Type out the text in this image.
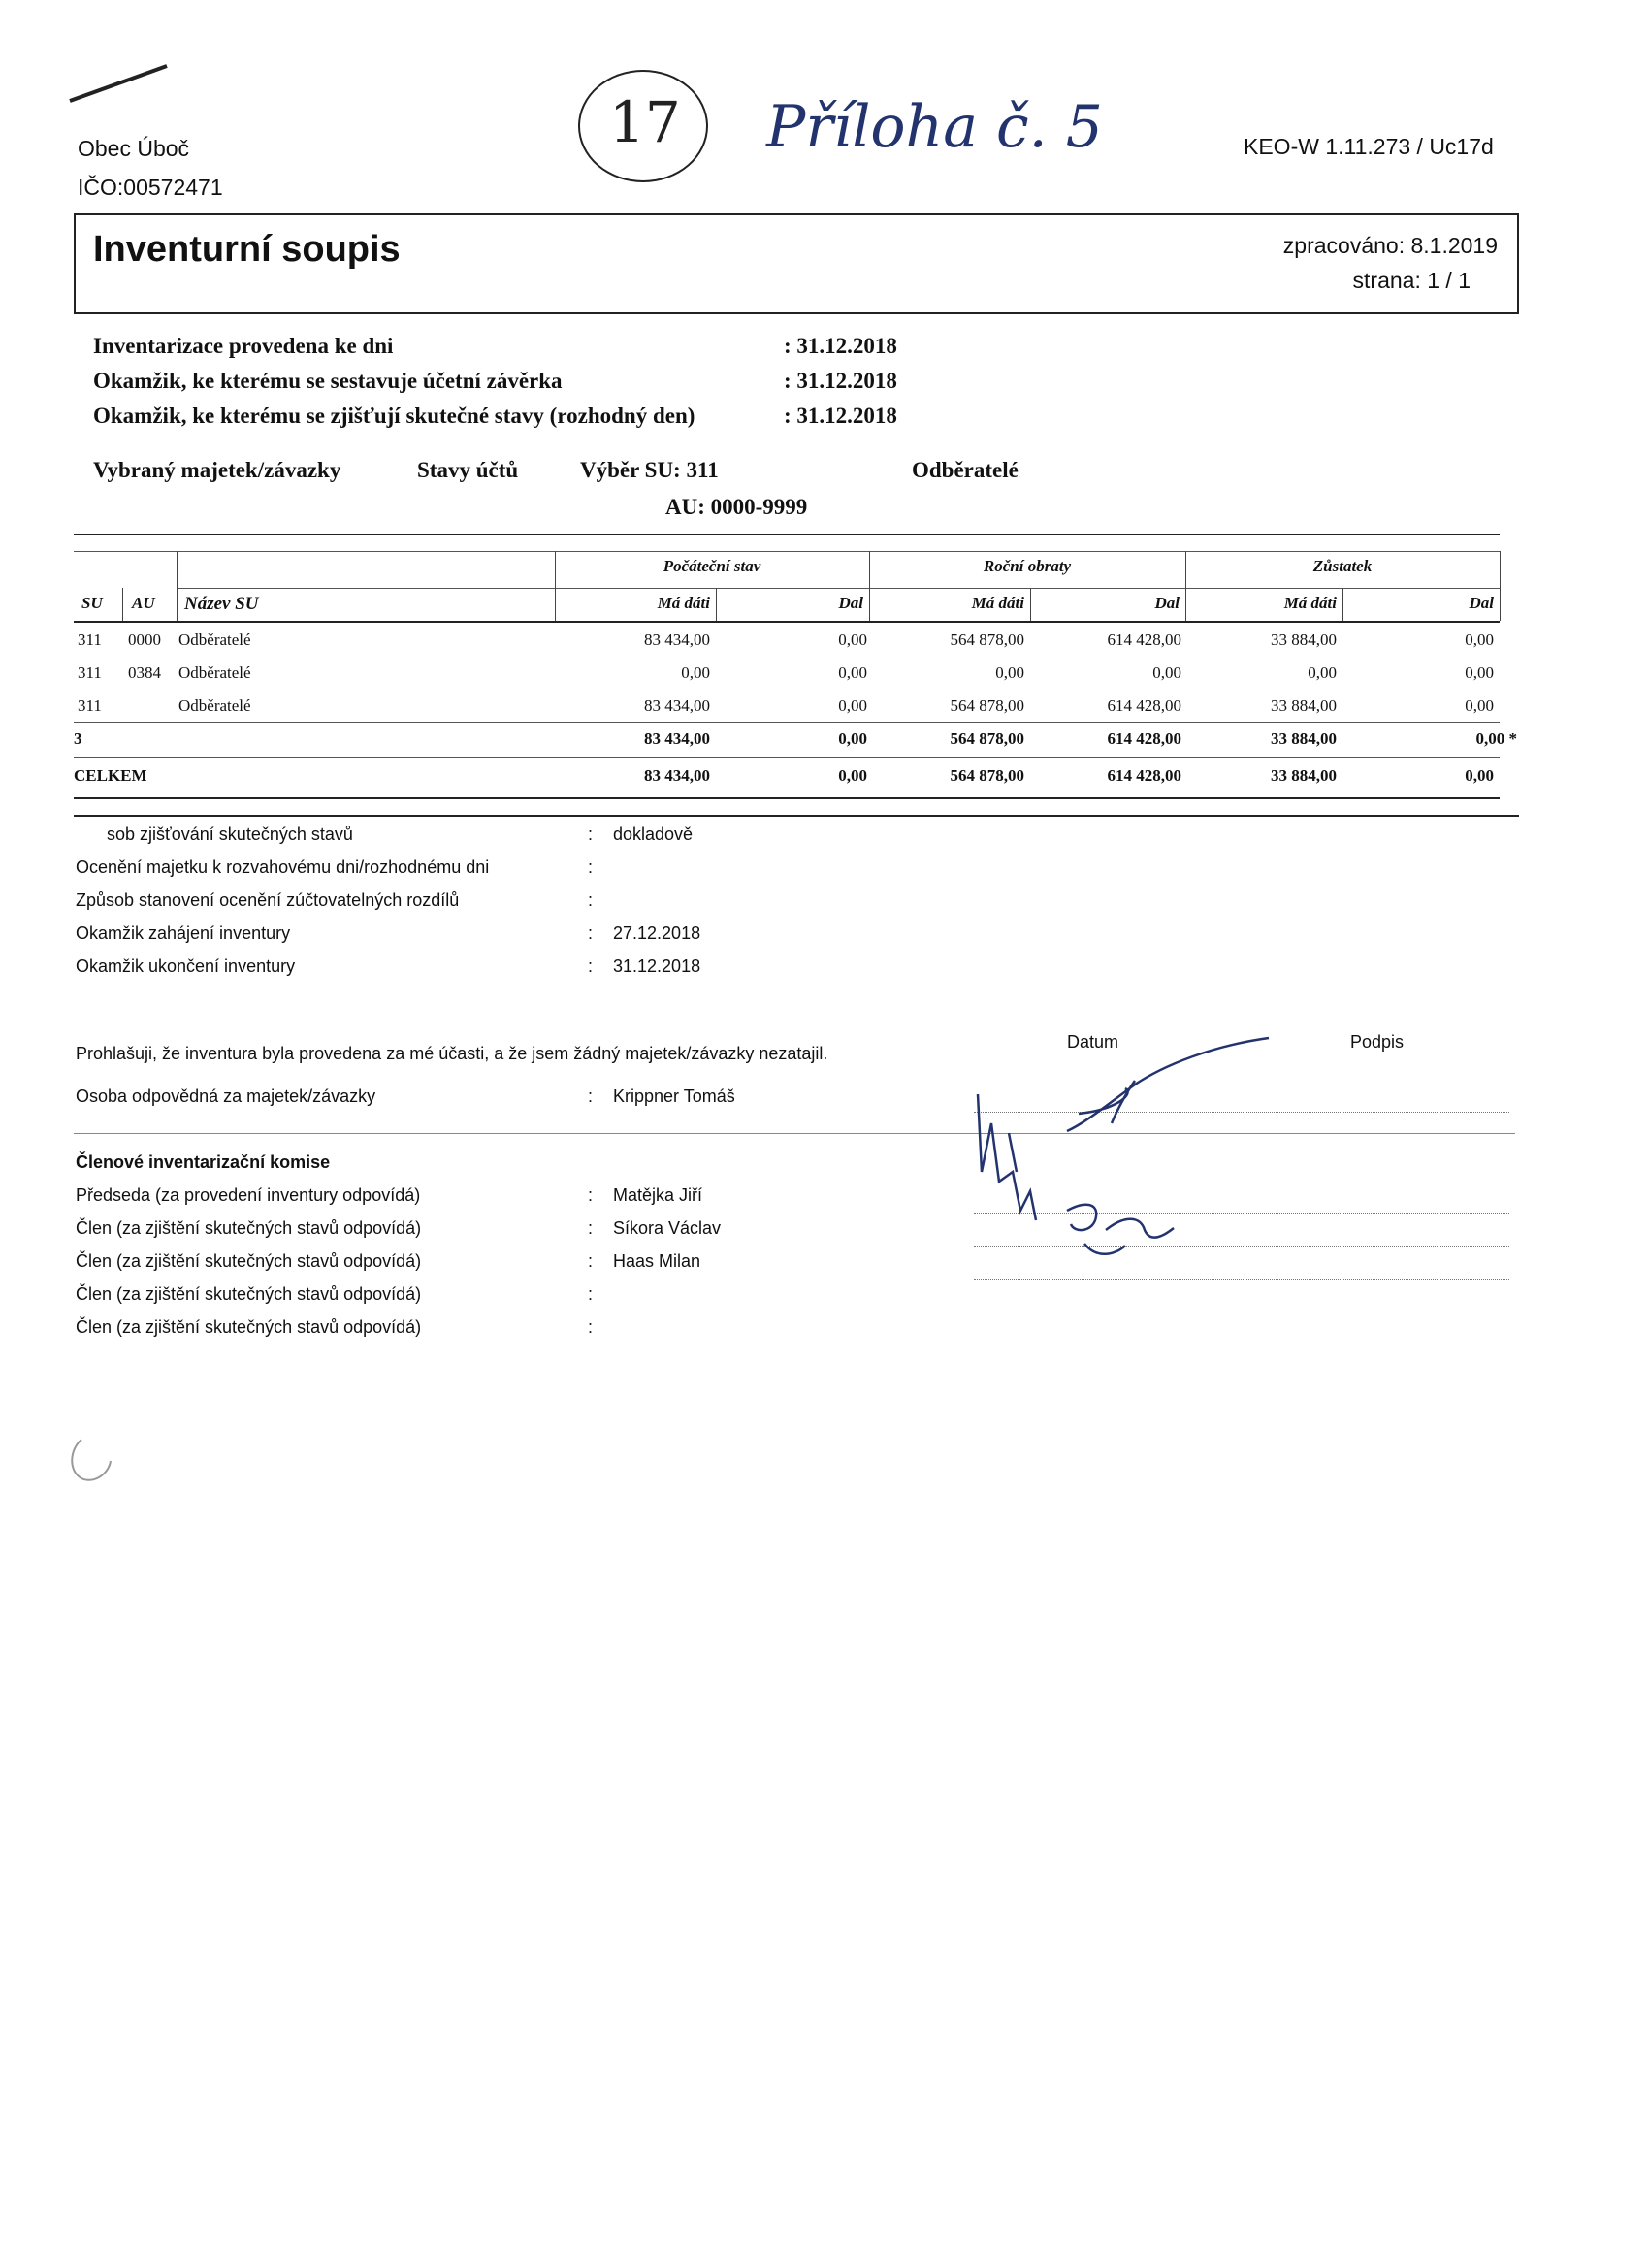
Obec Úboč
IČO:00572471
17 Příloha č. 5	KEO-W 1.11.273 / Uc17d
Inventurní soupis	zpracováno: 8.1.2019
strana: 1 / 1
Inventarizace provedena ke dni	: 31.12.2018
Okamžik, ke kterému se sestavuje účetní závěrka	: 31.12.2018
Okamžik, ke kterému se zjišťují skutečné stavy (rozhodný den)	: 31.12.2018
Vybraný majetek/závazky	Stavy účtů	Výběr SU: 311	Odběratelé
AU: 0000-9999
Počáteční stav	Roční obraty	Zůstatek
SU AU Název SU	Má dáti	Dal	Má dáti	Dal	Má dáti	Dal
311 0000 Odběratelé	83 434,00	0,00	564 878,00	614 428,00	33 884,00	0,00
311 0384 Odběratelé	0,00	0,00	0,00	0,00	0,00	0,00
311	Odběratelé	83 434,00	0,00	564 878,00	614 428,00	33 884,00	0,00
3	83 434,00	0,00	564 878,00	614 428,00	33 884,00	0,00 *
CELKEM	83 434,00	0,00	564 878,00	614 428,00	33 884,00	0,00
sob zjišťování skutečných stavů	: dokladově
Ocenění majetku k rozvahovému dni/rozhodnému dni	:
Způsob stanovení ocenění zúčtovatelných rozdílů	:
Okamžik zahájení inventury	: 27.12.2018
Okamžik ukončení inventury	: 31.12.2018
Prohlašuji, že inventura byla provedena za mé účasti, a že jsem žádný majetek/závazky nezatajil.
Datum	Podpis
Osoba odpovědná za majetek/závazky	: Krippner Tomáš
Členové inventarizační komise
Předseda (za provedení inventury odpovídá)	: Matějka Jiří
Člen (za zjištění skutečných stavů odpovídá)	: Síkora Václav
Člen (za zjištění skutečných stavů odpovídá)	: Haas Milan
Člen (za zjištění skutečných stavů odpovídá)	:
Člen (za zjištění skutečných stavů odpovídá)	:
